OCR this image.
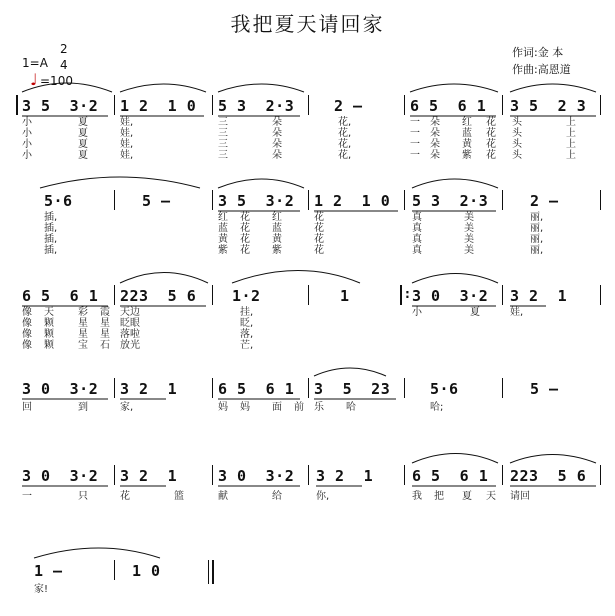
我把夏天请回家
1=A
2
4
♩ =100
作词:金 本
作曲:高恩道
3 5  3·2 1 2  1 0 5 3  2·3	2 —	6 5  6 1 3 5  2 3
小
小
小
小
夏
夏
夏
夏
娃,
娃,
娃,
娃,
三
三
三
三
朵
朵
朵
朵
花,
花,
花,
花,
一
一
一
一
朵
朵
朵
朵
红
蓝
黄
紫
花
花
花
花
头
头
头
头
上
上
上
上
5·6	5 —	3 5  3·2 1 2  1 0 5 3  2·3	2 —
插,
插,
插,
插,
红
蓝
黄
紫
花
花
花
花
红
蓝
黄
紫
花
花
花
花
真
真
真
真
美
美
美
美
丽,
丽,
丽,
丽,
:
6 5  6 1 223  5 6 1·2	1	3 0  3·2 3 2  1
像
像
像
像
天
颗
颗
颗
彩
星
星
宝
霞
星
星
石
天边
眨眼
落啦
放光
挂,
眨,
落,
芒,
小	夏	娃,
3 0  3·2 3 2  1	6 5  6 1 3  5  23	5·6	5 —
回	到	家,	妈 妈 面 前 乐 哈	哈;
3 0  3·2 3 2  1	3 0  3·2 3 2  1	6 5  6 1 223  5 6
一	只	花	篮	献	给	你,	我 把 夏 天 请回
1 —	1 0
家!
